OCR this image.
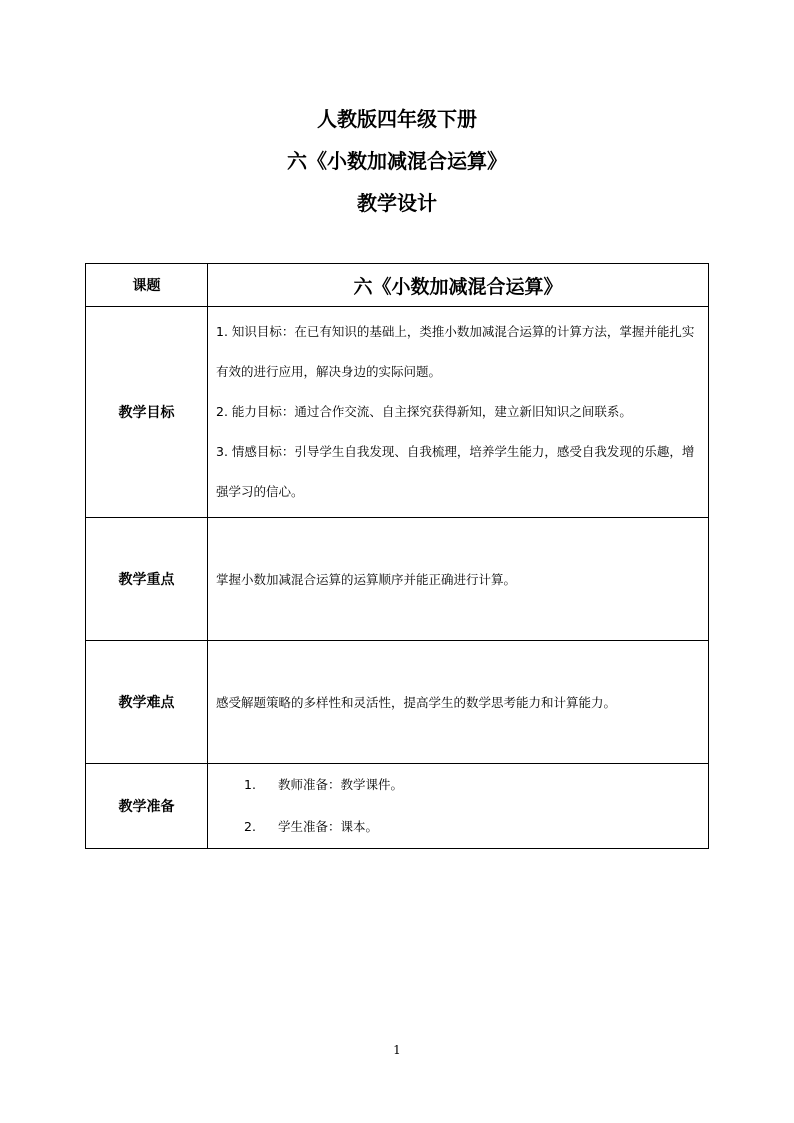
人教版四年级下册
六《小数加减混合运算》
教学设计
课题	六《小数加减混合运算》
教学目标	1. 知识目标：在已有知识的基础上，类推小数加减混合运算的计算方法，掌握并能扎实有效的进行应用，解决身边的实际问题。

2. 能力目标：通过合作交流、自主探究获得新知，建立新旧知识之间联系。

3. 情感目标：引导学生自我发现、自我梳理，培养学生能力，感受自我发现的乐趣，增强学习的信心。

教学重点	掌握小数加减混合运算的运算顺序并能正确进行计算。
教学难点	感受解题策略的多样性和灵活性，提高学生的数学思考能力和计算能力。
教学准备	1. 教师准备：教学课件。
2. 学生准备：课本。
1
